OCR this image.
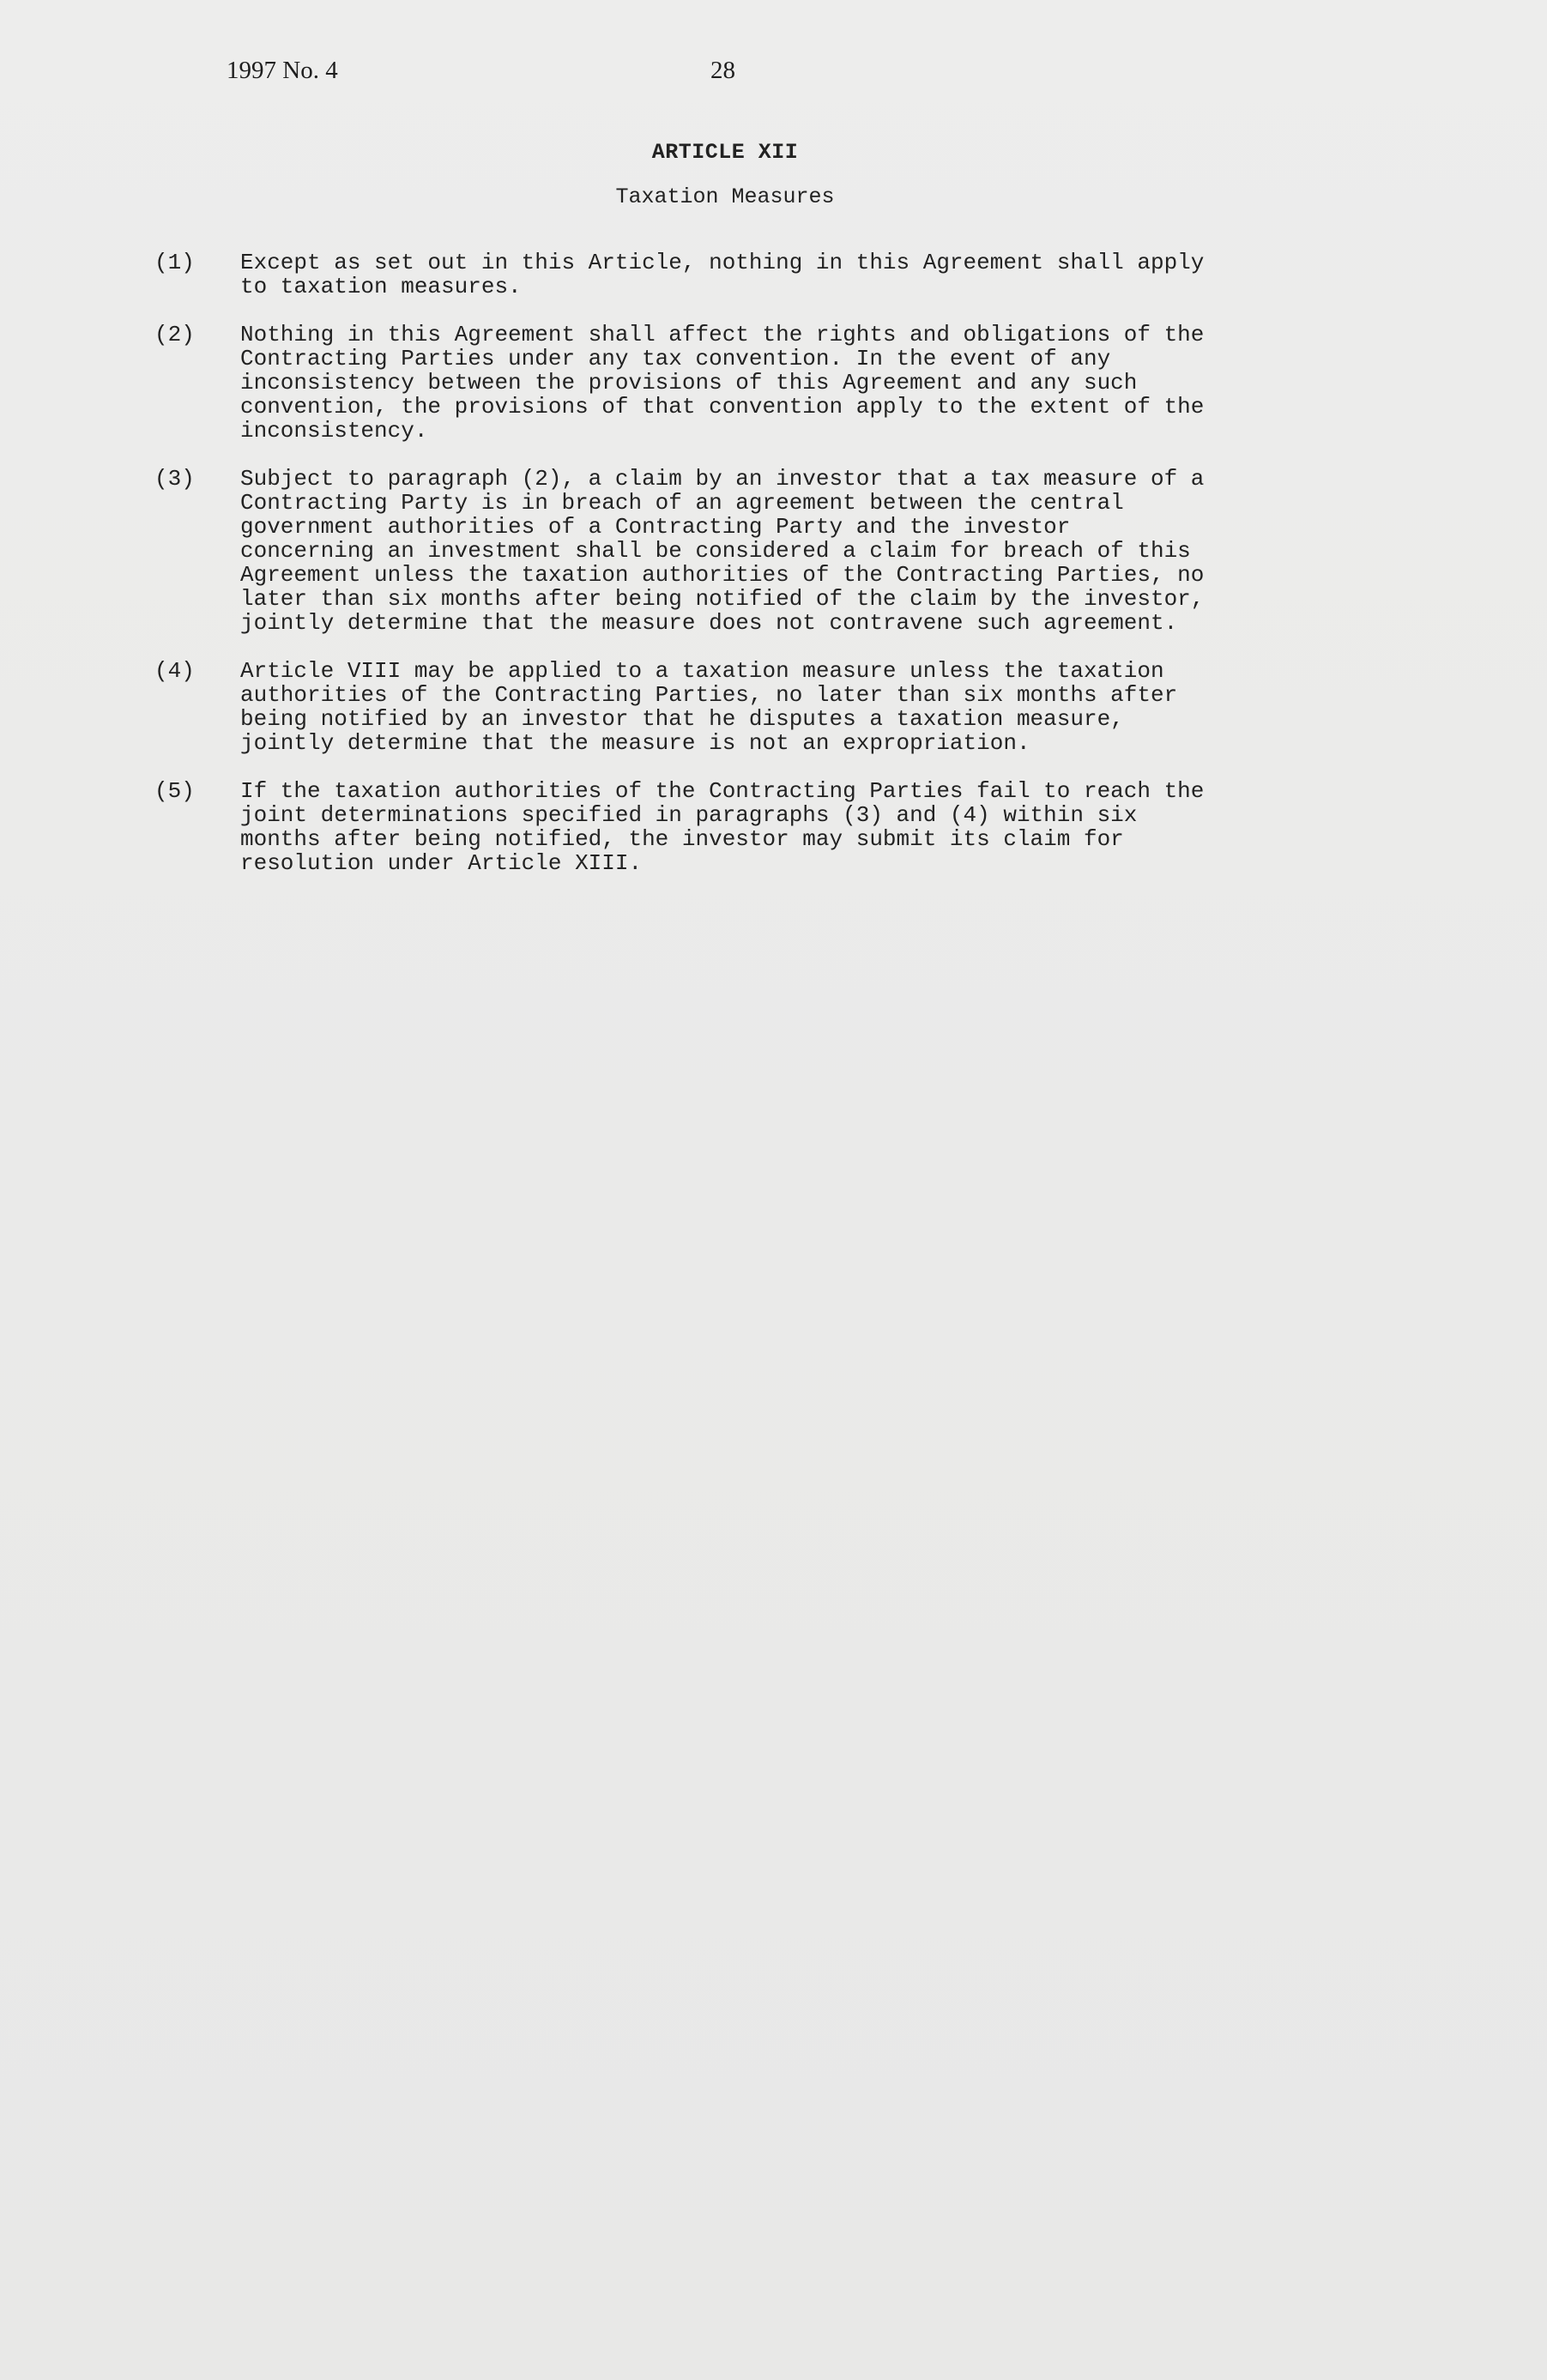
1997 No. 4	28
ARTICLE XII
Taxation Measures
(1)	Except as set out in this Article, nothing in this Agreement shall apply
to taxation measures.
(2)	Nothing in this Agreement shall affect the rights and obligations of the
Contracting Parties under any tax convention. In the event of any
inconsistency between the provisions of this Agreement and any such
convention, the provisions of that convention apply to the extent of the
inconsistency.
(3)	Subject to paragraph (2), a claim by an investor that a tax measure of a
Contracting Party is in breach of an agreement between the central
government authorities of a Contracting Party and the investor
concerning an investment shall be considered a claim for breach of this
Agreement unless the taxation authorities of the Contracting Parties, no
later than six months after being notified of the claim by the investor,
jointly determine that the measure does not contravene such agreement.
(4)	Article VIII may be applied to a taxation measure unless the taxation
authorities of the Contracting Parties, no later than six months after
being notified by an investor that he disputes a taxation measure,
jointly determine that the measure is not an expropriation.
(5)	If the taxation authorities of the Contracting Parties fail to reach the
joint determinations specified in paragraphs (3) and (4) within six
months after being notified, the investor may submit its claim for
resolution under Article XIII.
